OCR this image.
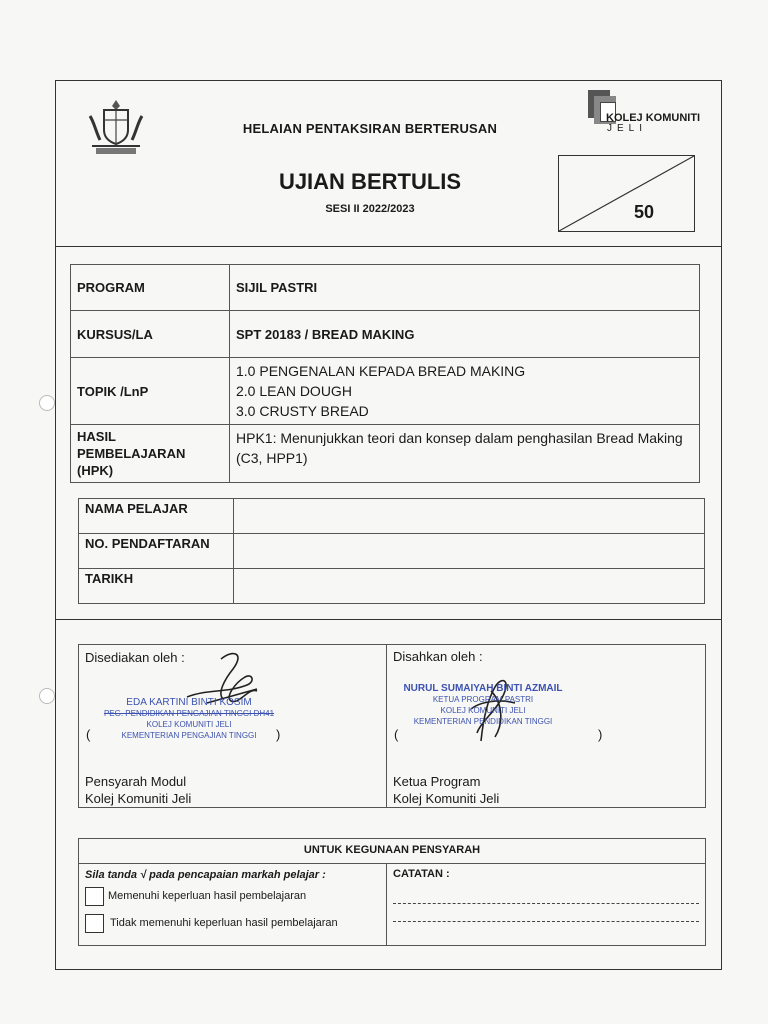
KOLEJ KOMUNITI
JELI
HELAIAN PENTAKSIRAN BERTERUSAN
UJIAN BERTULIS
SESI II 2022/2023	50
PROGRAM	SIJIL PASTRI
KURSUS/LA	SPT 20183 / BREAD MAKING
TOPIK /LnP	1.0 PENGENALAN KEPADA BREAD MAKING
2.0 LEAN DOUGH
3.0 CRUSTY BREAD

HASIL PEMBELAJARAN (HPK)	HPK1: Menunjukkan teori dan konsep dalam penghasilan Bread Making (C3, HPP1)
NAMA PELAJAR	
NO. PENDAFTARAN	
TARIKH	
Disediakan oleh :
EDA KARTINI BINTI KOSIM
PEG. PENDIDIKAN PENGAJIAN TINGGI DH41
KOLEJ KOMUNITI JELI
KEMENTERIAN PENGAJIAN TINGGI
(	)
Pensyarah Modul
Kolej Komuniti Jeli
Disahkan oleh :
NURUL SUMAIYAH BINTI AZMAIL
KETUA PROGRAM PASTRI
KOLEJ KOMUNITI JELI
KEMENTERIAN PENDIDIKAN TINGGI
(	)
Ketua Program
Kolej Komuniti Jeli
UNTUK KEGUNAAN PENSYARAH
Sila tanda √ pada pencapaian markah pelajar :
Memenuhi keperluan hasil pembelajaran
Tidak memenuhi keperluan hasil pembelajaran
CATATAN :
